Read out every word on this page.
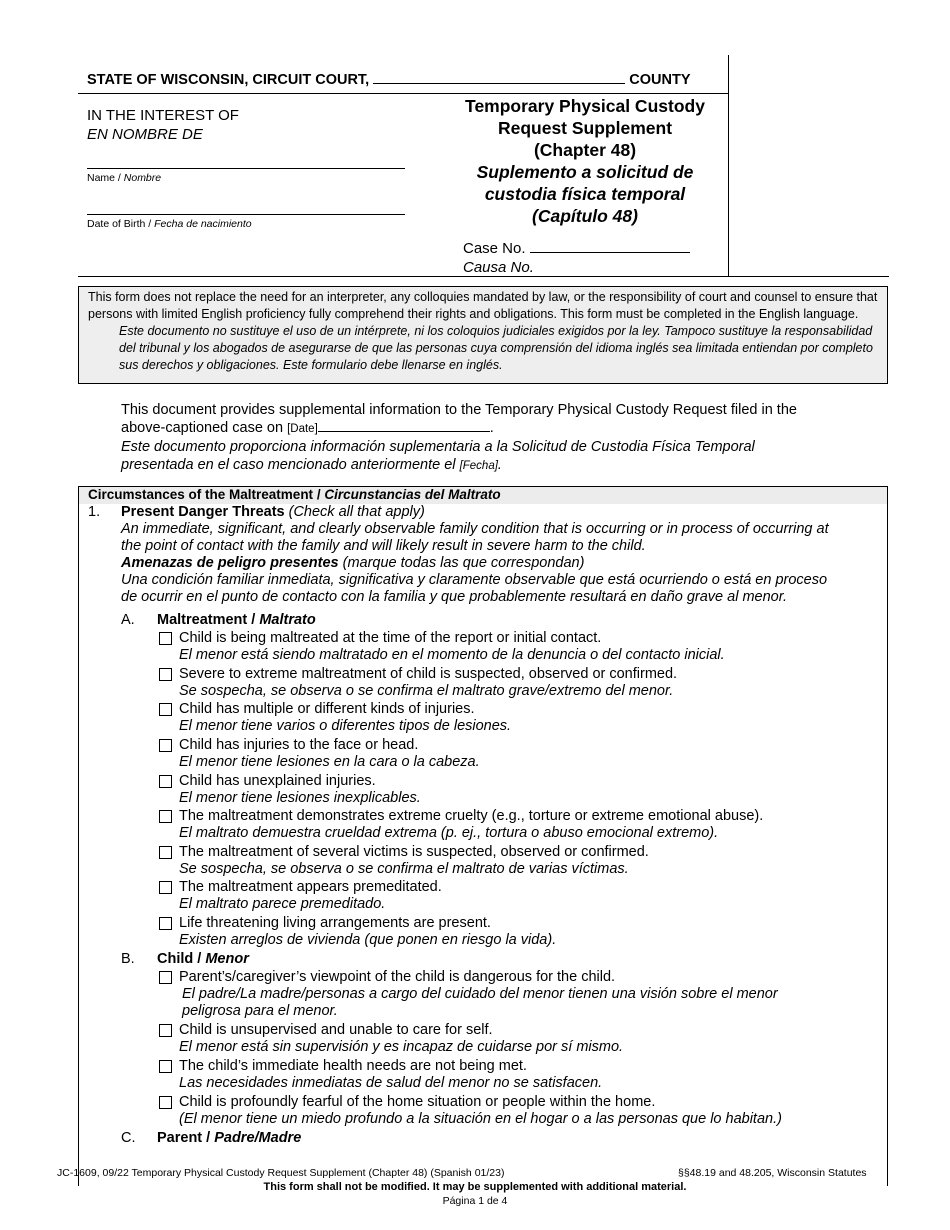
STATE OF WISCONSIN, CIRCUIT COURT,	COUNTY
IN THE INTEREST OF
EN NOMBRE DE
Name / Nombre
Date of Birth / Fecha de nacimiento
Temporary Physical Custody
Request Supplement
(Chapter 48)
Suplemento a solicitud de
custodia física temporal
(Capítulo 48)
Case No.
Causa No.
This form does not replace the need for an interpreter, any colloquies mandated by law, or the responsibility of court and counsel to ensure that persons with limited English proficiency fully comprehend their rights and obligations. This form must be completed in the English language.
Este documento no sustituye el uso de un intérprete, ni los coloquios judiciales exigidos por la ley. Tampoco sustituye la responsabilidad del tribunal y los abogados de asegurarse de que las personas cuya comprensión del idioma inglés sea limitada entiendan por completo sus derechos y obligaciones. Este formulario debe llenarse en inglés.
This document provides supplemental information to the Temporary Physical Custody Request filed in the
above-captioned case on [Date]	.
Este documento proporciona información suplementaria a la Solicitud de Custodia Física Temporal
presentada en el caso mencionado anteriormente el [Fecha].
Circumstances of the Maltreatment / Circunstancias del Maltrato
1. Present Danger Threats (Check all that apply)
An immediate, significant, and clearly observable family condition that is occurring or in process of occurring at
the point of contact with the family and will likely result in severe harm to the child.
Amenazas de peligro presentes (marque todas las que correspondan)
Una condición familiar inmediata, significativa y claramente observable que está ocurriendo o está en proceso
de ocurrir en el punto de contacto con la familia y que probablemente resultará en daño grave al menor.
A. Maltreatment / Maltrato
Child is being maltreated at the time of the report or initial contact.
El menor está siendo maltratado en el momento de la denuncia o del contacto inicial.
Severe to extreme maltreatment of child is suspected, observed or confirmed.
Se sospecha, se observa o se confirma el maltrato grave/extremo del menor.
Child has multiple or different kinds of injuries.
El menor tiene varios o diferentes tipos de lesiones.
Child has injuries to the face or head.
El menor tiene lesiones en la cara o la cabeza.
Child has unexplained injuries.
El menor tiene lesiones inexplicables.
The maltreatment demonstrates extreme cruelty (e.g., torture or extreme emotional abuse).
El maltrato demuestra crueldad extrema (p. ej., tortura o abuso emocional extremo).
The maltreatment of several victims is suspected, observed or confirmed.
Se sospecha, se observa o se confirma el maltrato de varias víctimas.
The maltreatment appears premeditated.
El maltrato parece premeditado.
Life threatening living arrangements are present.
Existen arreglos de vivienda (que ponen en riesgo la vida).
B. Child / Menor
Parent’s/caregiver’s viewpoint of the child is dangerous for the child.
El padre/La madre/personas a cargo del cuidado del menor tienen una visión sobre el menor
peligrosa para el menor.
Child is unsupervised and unable to care for self.
El menor está sin supervisión y es incapaz de cuidarse por sí mismo.
The child’s immediate health needs are not being met.
Las necesidades inmediatas de salud del menor no se satisfacen.
Child is profoundly fearful of the home situation or people within the home.
(El menor tiene un miedo profundo a la situación en el hogar o a las personas que lo habitan.)
C. Parent / Padre/Madre
JC-1609, 09/22 Temporary Physical Custody Request Supplement (Chapter 48) (Spanish 01/23)	§§48.19 and 48.205, Wisconsin Statutes
This form shall not be modified. It may be supplemented with additional material.
Página 1 de 4
